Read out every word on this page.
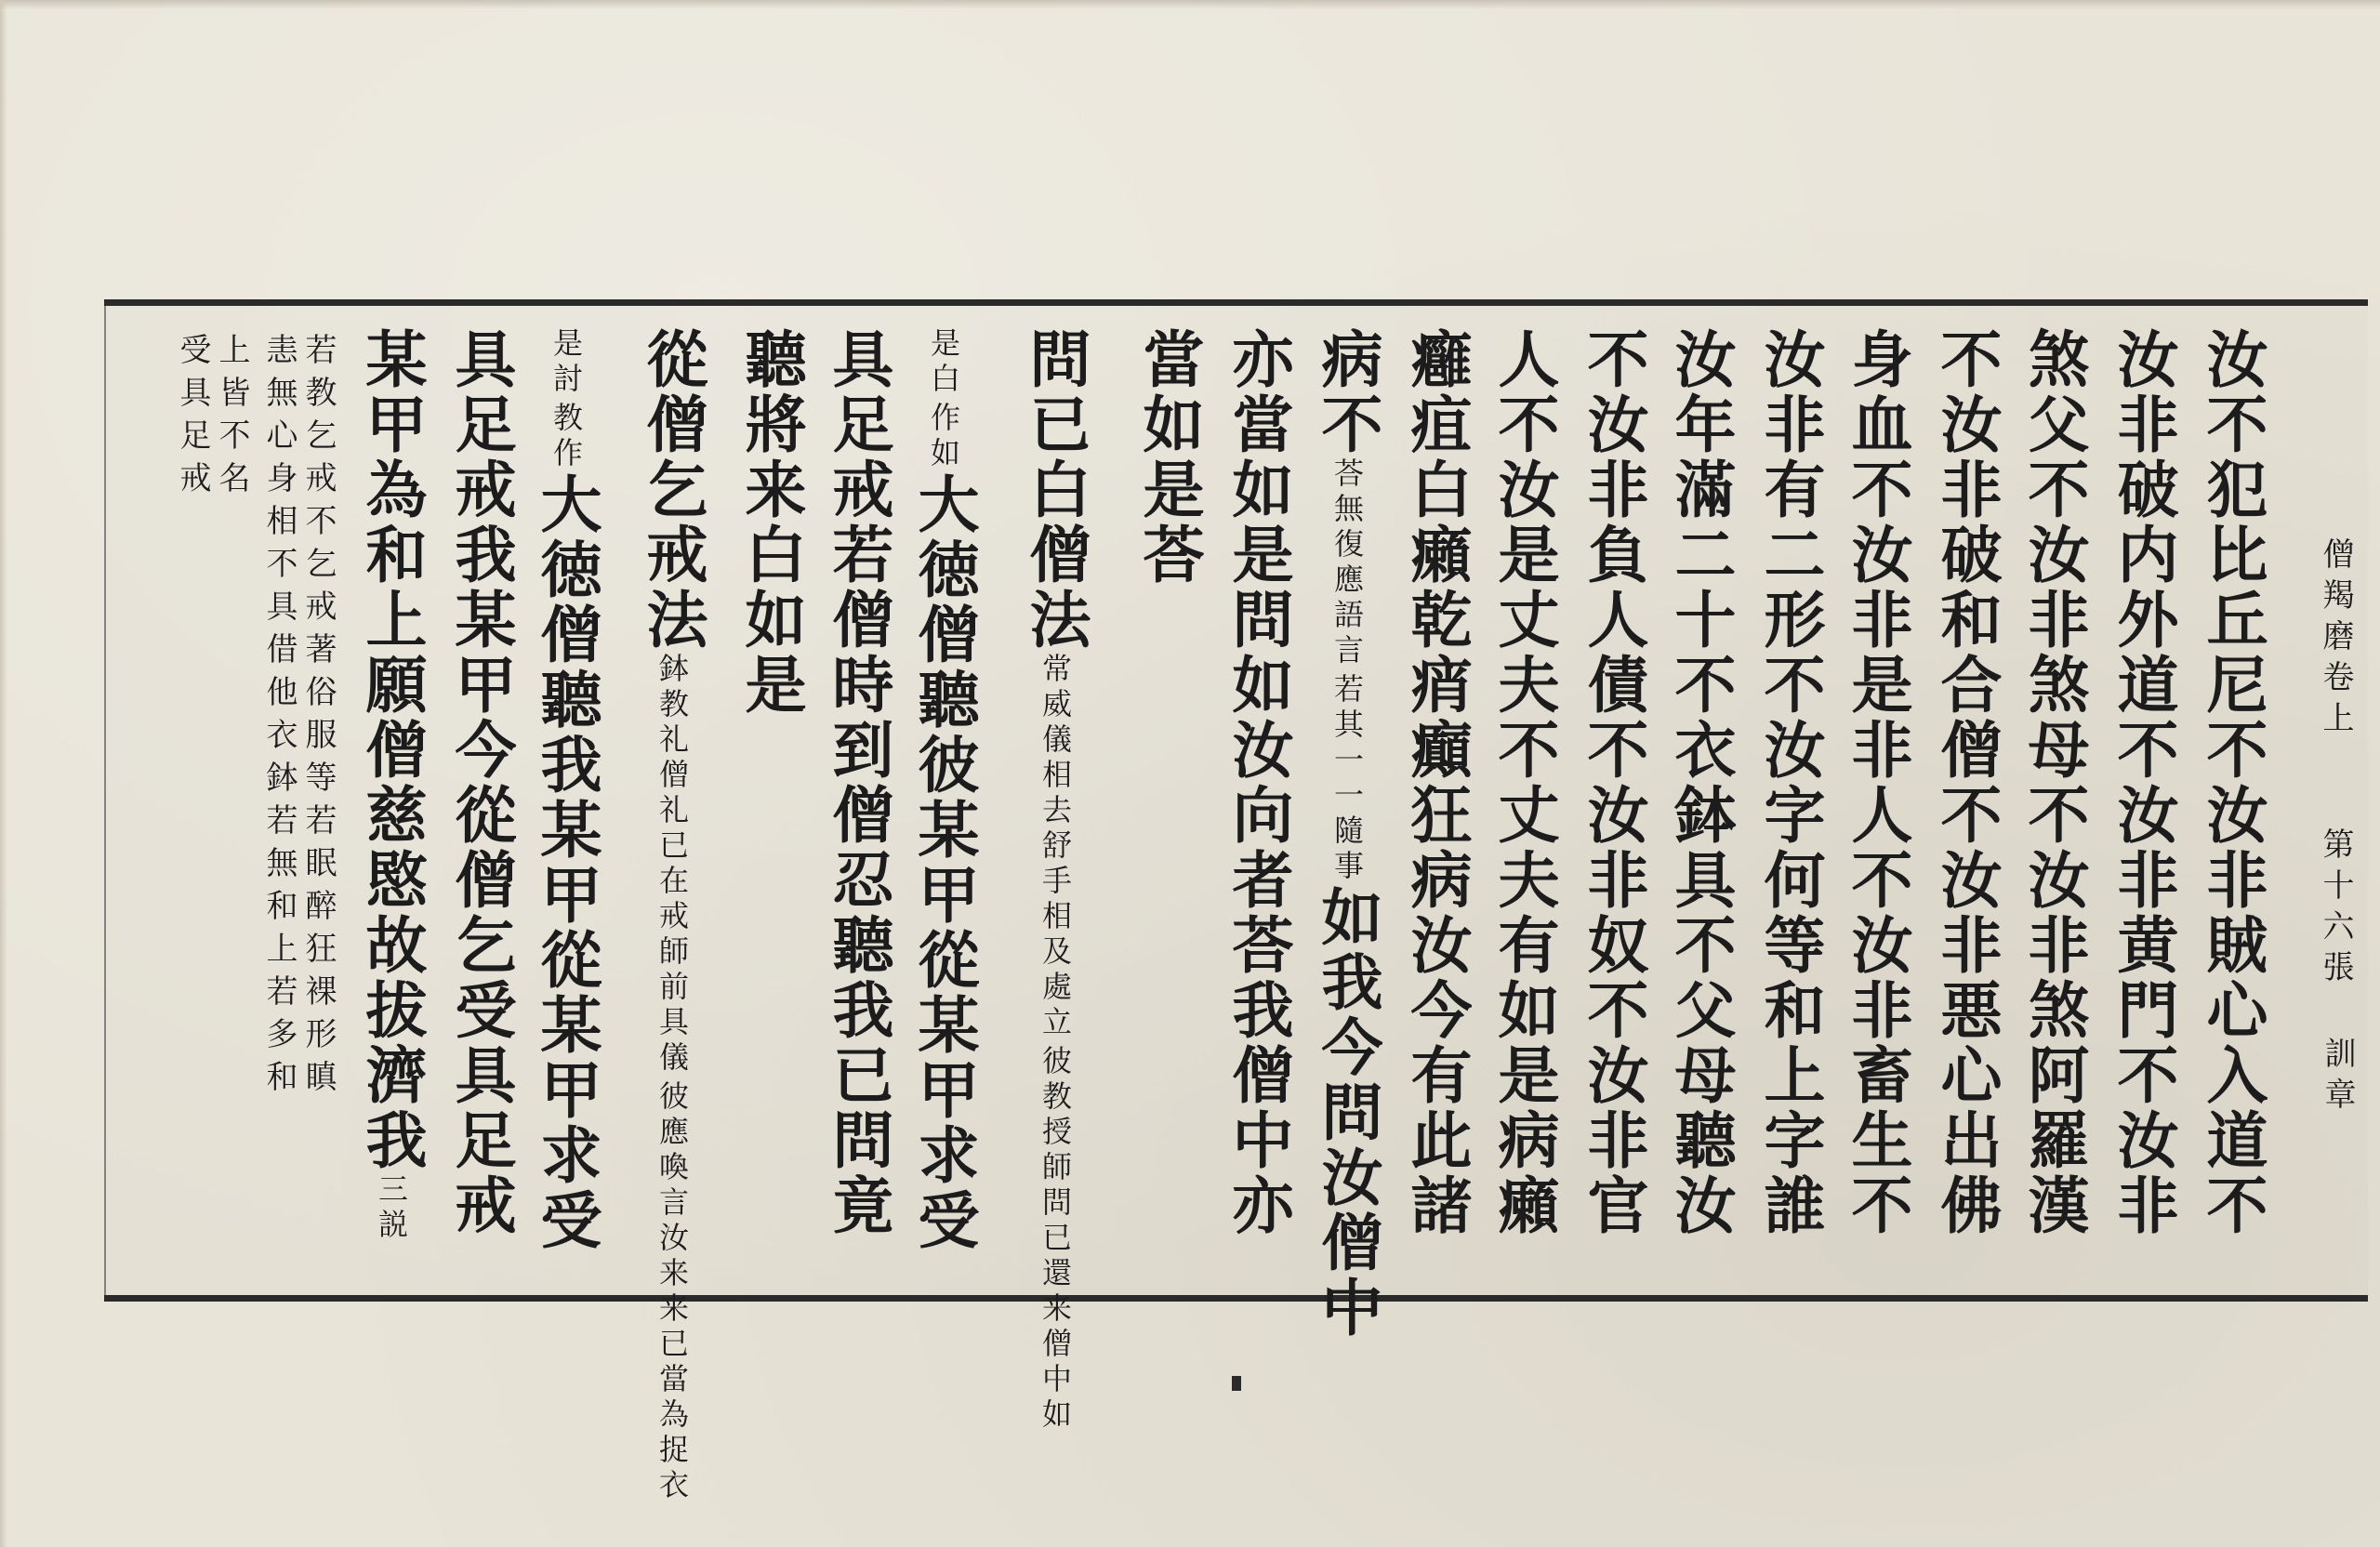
僧羯磨卷上
第十六張
訓章
汝不犯比丘尼不汝非賊心入道不
汝非破内外道不汝非黄門不汝非
煞父不汝非煞母不汝非煞阿羅漢
不汝非破和合僧不汝非悪心出佛
身血不汝非是非人不汝非畜生不
汝非有二形不汝字何等和上字誰
汝年滿二十不衣鉢具不父母聽汝
不汝非負人債不汝非奴不汝非官
人不汝是丈夫不丈夫有如是病癩
癰疽白癩乾痟癲狂病汝今有此諸
病不
若其一一隨事
荅無復應語言
如我今問汝僧中
亦當如是問如汝向者荅我僧中亦
當如是荅
問已白僧法
彼教授師問已還来僧中如
常威儀相去舒手相及處立
作如
是白
大徳僧聽彼某甲從某甲求受
具足戒若僧時到僧忍聽我已問竟
聽將来白如是
從僧乞戒法
彼應喚言汝来来已當為捉衣
鉢教礼僧礼已在戒師前具儀
教作
是討
大徳僧聽我某甲從某甲求受
具足戒我某甲今從僧乞受具足戒
某甲為和上願僧慈愍故拔濟我三説
若教乞戒不乞戒著俗服等若眠醉狂裸形瞋
恚無心身相不具借他衣鉢若無和上若多和
上皆不名
受具足戒
